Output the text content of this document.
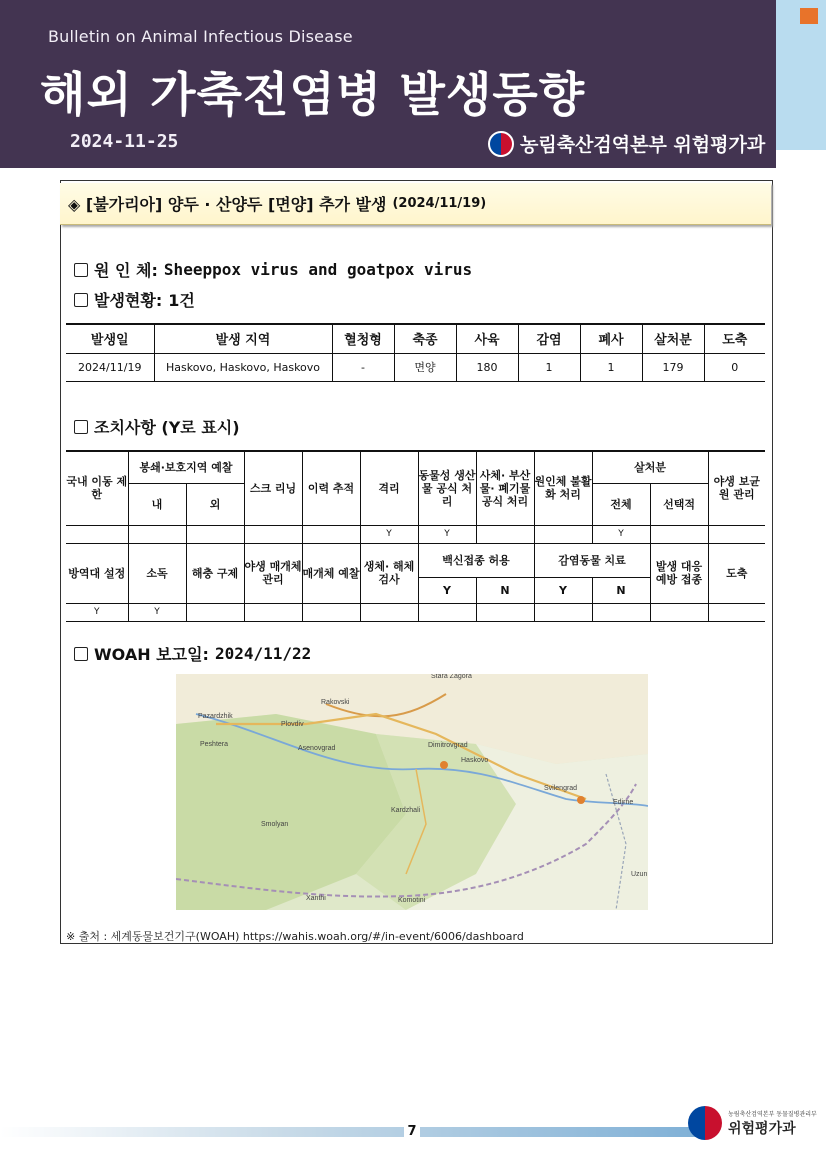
Bulletin on Animal Infectious Disease
해외 가축전염병 발생동향
2024-11-25	농림축산검역본부 위험평가과
◈ [불가리아] 양두 · 산양두 [면양] 추가 발생 (2024/11/19)
원 인 체: Sheeppox virus and goatpox virus
발생현황: 1건
발생일	발생 지역	혈청형	축종	사육	감염	폐사	살처분	도축
2024/11/19	Haskovo, Haskovo, Haskovo	-	면양	180	1	1	179	0
조치사항 (Y로 표시)
국내 이동 제한	봉쇄·보호지역 예찰		스크 리닝	이력 추적	격리	동물성 생산물 공식 처리	사체· 부산물· 폐기물 공식 처리	원인체 불활화 처리	살처분		야생 보균원 관리
	내	외							전체	선택적	
					Y	Y			Y		
방역대 설정	소독	해충 구제	야생 매개체 관리	매개체 예찰	생체· 해체 검사	백신접종 허용		감염동물 치료		발생 대응 예방 접종	도축
						Y	N	Y	N		
Y	Y										
WOAH 보고일: 2024/11/22
Pazardzhik
Plovdiv
Asenovgrad
Rakovski
Dimitrovgrad
Haskovo
Kardzhali
Smolyan
Svilengrad
Edirne
Xanthi	Komotini
Peshtera
Stara Zagora
Uzun
※ 출처 : 세계동물보건기구(WOAH) https://wahis.woah.org/#/in-event/6006/dashboard
7
농림축산검역본부 동물질병관리부
위험평가과
